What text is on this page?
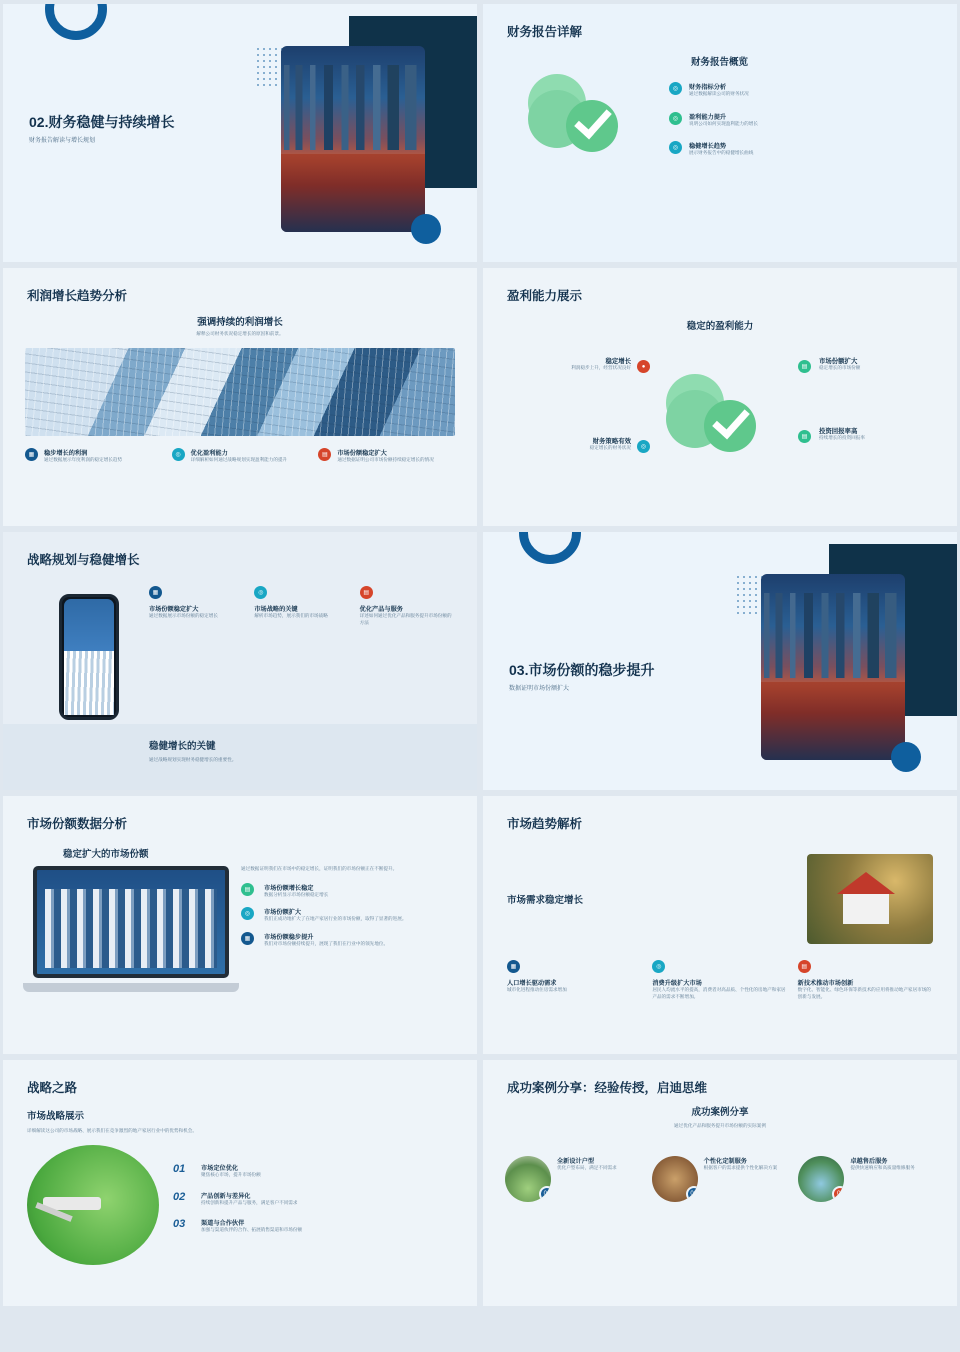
02.财务稳健与持续增长
财务报告解读与增长规划
财务报告详解
财务报告概览
◎	财务指标分析
通过数据解读公司的财务状况
◎	盈利能力提升
说明公司如何实现盈利能力的增长
◎	稳健增长趋势
展示财务报告中的稳健增长曲线
利润增长趋势分析
强调持续的利润增长
解释公司财务状况稳定增长的原因和前景。
▦	稳步增长的利润
通过数据展示年度利润的稳定增长趋势
◎	优化盈利能力
详细解析如何通过战略规划实现盈利能力的提升
▤	市场份额稳定扩大
通过数据证明公司市场份额持续稳定增长的情况
盈利能力展示
稳定的盈利能力
稳定增长
利润稳步上升，经营状况良好	●
市场份额扩大
稳定增长的市场份额
▤
财务策略有效
稳定增长的财务状况	◎
投资回报率高
持续增长的投资回报率
▤
战略规划与稳健增长
▦
市场份额稳定扩大
通过数据展示市场份额的稳定增长
◎
市场战略的关键
解析市场趋势，展示我们的市场战略
▤
优化产品与服务
详述如何通过优化产品和服务提升市场份额的方法
稳健增长的关键
通过战略规划实现财务稳健增长的重要性。
03.市场份额的稳步提升
数据证明市场份额扩大
市场份额数据分析
稳定扩大的市场份额
通过数据证明我们在市场中的稳定增长，证明我们的市场份额正在不断提升。
▤	市场份额增长稳定
数据分析显示市场份额稳定增长
◎	市场份额扩大
我们正成功地扩大了在地产家居行业的市场份额，取得了显著的进展。
▦	市场份额稳步提升
我们对市场份额持续提升，展现了我们在行业中的领先地位。
市场趋势解析
市场需求稳定增长
▦
人口增长驱动需求
城市化进程推动住房需求增加
◎
消费升级扩大市场
居民人均流水平的提高，消费者对高品质、个性化的房地产和家居产品的需求不断增加。
▤
新技术推动市场创新
数字化、智能化、绿色环保等新技术的应用将推动地产家居市场的创新与发展。
战略之路
市场战略展示
详细解读这公司的市场战略、展示我们在竞争激烈的地产家居行业中的优势和机会。
01	市场定位优化
聚焦核心市场，提升市场份额
02	产品创新与差异化
持续创新和提升产品与服务，满足客户不同需求
03	渠道与合作伙伴
加强与渠道伙伴的合作、拓展销售渠道和市场份额
成功案例分享：经验传授，启迪思维
成功案例分享
通过优化产品和服务提升市场份额的实际案例
01
全新设计户型
优化户型布局，满足不同需求
02
个性化定制服务
根据客户的需求提供个性化解决方案
03
卓越售后服务
提供快速响应和高质量维修服务
